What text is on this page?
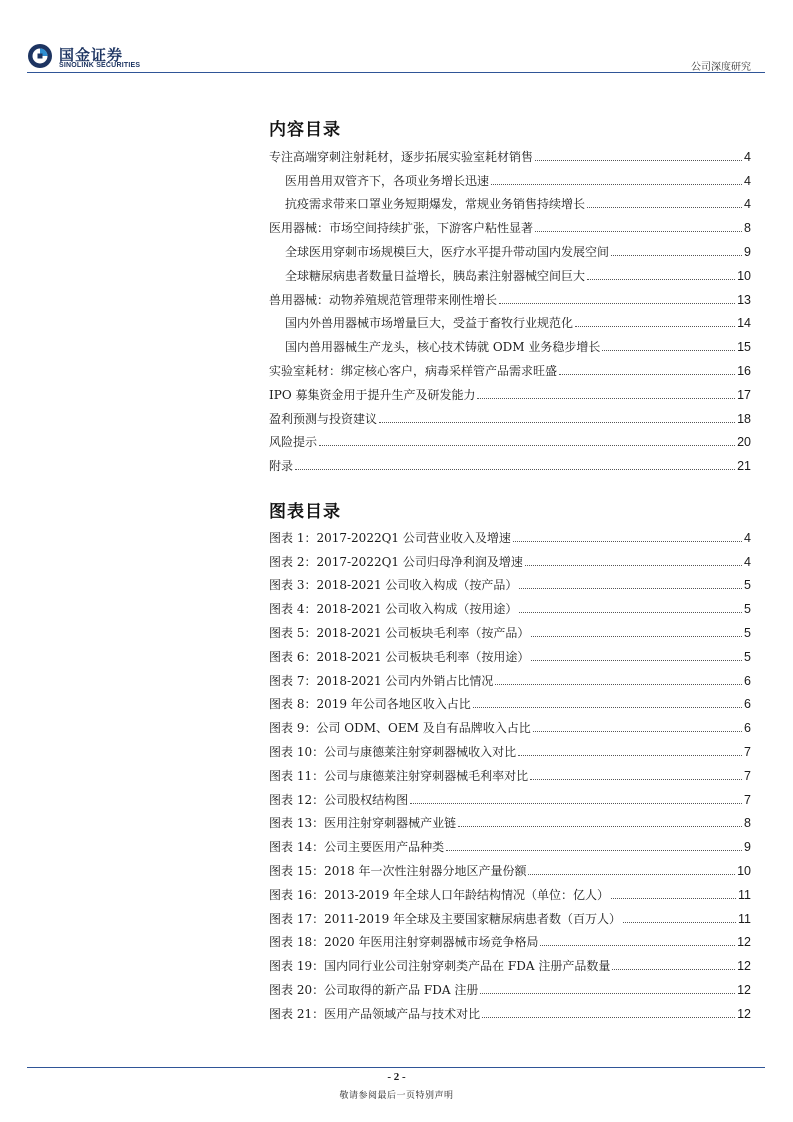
国金证券
SINOLINK SECURITIES	公司深度研究
内容目录
专注高端穿刺注射耗材，逐步拓展实验室耗材销售	4
医用兽用双管齐下，各项业务增长迅速	4
抗疫需求带来口罩业务短期爆发，常规业务销售持续增长	4
医用器械：市场空间持续扩张，下游客户粘性显著	8
全球医用穿刺市场规模巨大，医疗水平提升带动国内发展空间	9
全球糖尿病患者数量日益增长，胰岛素注射器械空间巨大	10
兽用器械：动物养殖规范管理带来刚性增长	13
国内外兽用器械市场增量巨大，受益于畜牧行业规范化	14
国内兽用器械生产龙头，核心技术铸就 ODM 业务稳步增长	15
实验室耗材：绑定核心客户，病毒采样管产品需求旺盛	16
IPO 募集资金用于提升生产及研发能力	17
盈利预测与投资建议	18
风险提示	20
附录	21
图表目录
图表 1：2017-2022Q1 公司营业收入及增速	4
图表 2：2017-2022Q1 公司归母净利润及增速	4
图表 3：2018-2021 公司收入构成（按产品）	5
图表 4：2018-2021 公司收入构成（按用途）	5
图表 5：2018-2021 公司板块毛利率（按产品）	5
图表 6：2018-2021 公司板块毛利率（按用途）	5
图表 7：2018-2021 公司内外销占比情况	6
图表 8：2019 年公司各地区收入占比	6
图表 9：公司 ODM、OEM 及自有品牌收入占比	6
图表 10：公司与康德莱注射穿刺器械收入对比	7
图表 11：公司与康德莱注射穿刺器械毛利率对比	7
图表 12：公司股权结构图	7
图表 13：医用注射穿刺器械产业链	8
图表 14：公司主要医用产品种类	9
图表 15：2018 年一次性注射器分地区产量份额	10
图表 16：2013-2019 年全球人口年龄结构情况（单位：亿人）	11
图表 17：2011-2019 年全球及主要国家糖尿病患者数（百万人）	11
图表 18：2020 年医用注射穿刺器械市场竞争格局	12
图表 19：国内同行业公司注射穿刺类产品在 FDA 注册产品数量	12
图表 20：公司取得的新产品 FDA 注册	12
图表 21：医用产品领域产品与技术对比	12
- 2 -
敬请参阅最后一页特别声明
